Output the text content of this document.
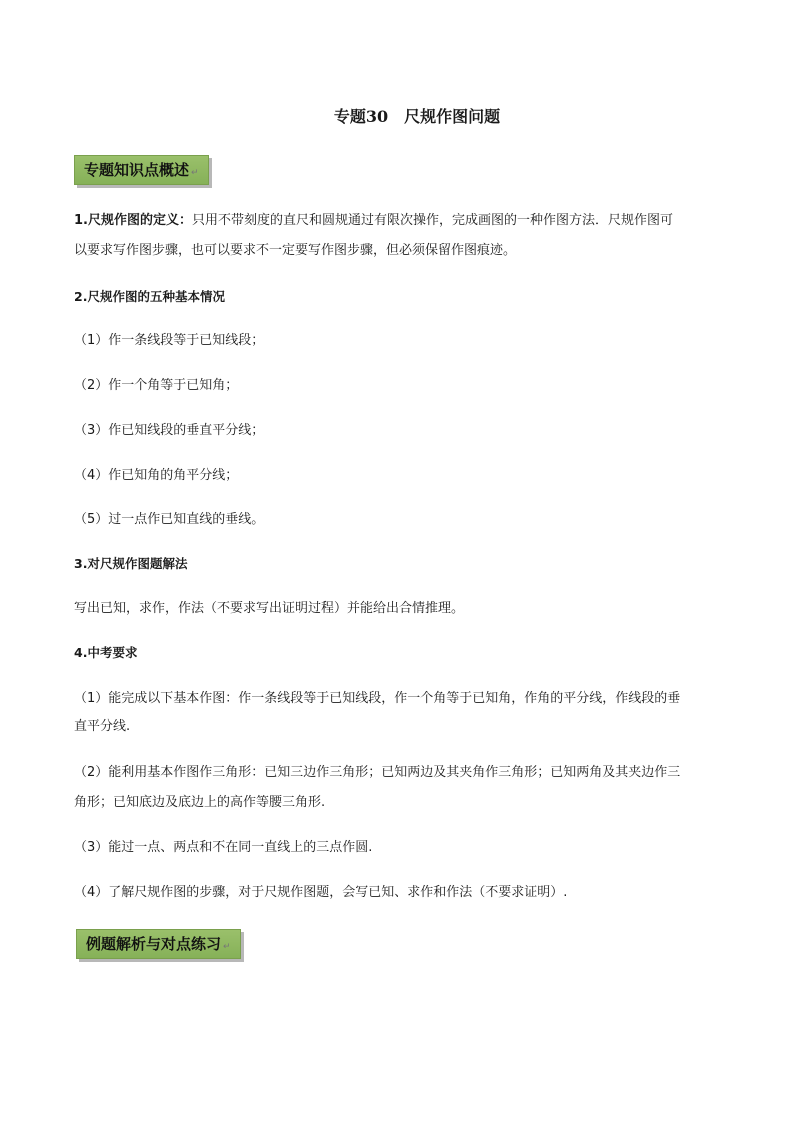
专题30　尺规作图问题
专题知识点概述 ↵
1.尺规作图的定义：只用不带刻度的直尺和圆规通过有限次操作，完成画图的一种作图方法．尺规作图可
以要求写作图步骤，也可以要求不一定要写作图步骤，但必须保留作图痕迹。
2.尺规作图的五种基本情况
（1）作一条线段等于已知线段；
（2）作一个角等于已知角；
（3）作已知线段的垂直平分线；
（4）作已知角的角平分线；
（5）过一点作已知直线的垂线。
3.对尺规作图题解法
写出已知，求作，作法（不要求写出证明过程）并能给出合情推理。
4.中考要求
（1）能完成以下基本作图：作一条线段等于已知线段，作一个角等于已知角，作角的平分线，作线段的垂
直平分线.
（2）能利用基本作图作三角形：已知三边作三角形；已知两边及其夹角作三角形；已知两角及其夹边作三
角形；已知底边及底边上的高作等腰三角形.
（3）能过一点、两点和不在同一直线上的三点作圆.
（4）了解尺规作图的步骤，对于尺规作图题，会写已知、求作和作法（不要求证明）.
例题解析与对点练习 ↵
